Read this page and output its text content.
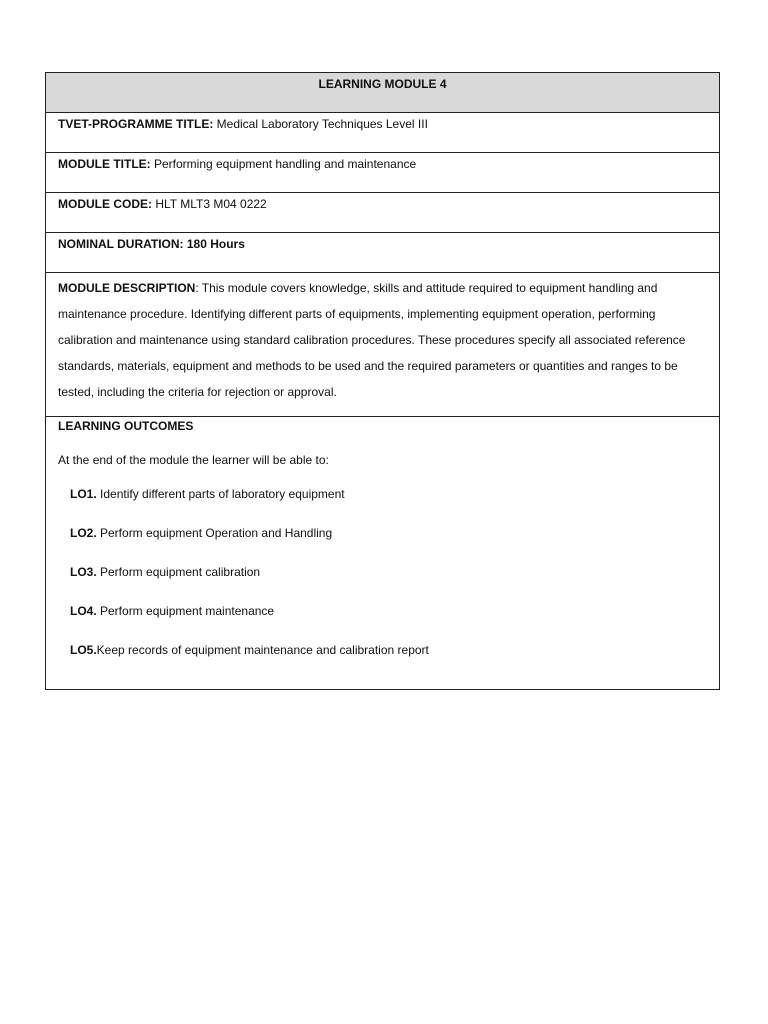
LEARNING MODULE 4
TVET-PROGRAMME TITLE: Medical Laboratory Techniques Level III
MODULE TITLE: Performing equipment handling and maintenance
MODULE CODE: HLT MLT3 M04 0222
NOMINAL DURATION: 180 Hours
MODULE DESCRIPTION: This module covers knowledge, skills and attitude required to equipment handling and maintenance procedure. Identifying different parts of equipments, implementing equipment operation, performing calibration and maintenance using standard calibration procedures. These procedures specify all associated reference standards, materials, equipment and methods to be used and the required parameters or quantities and ranges to be tested, including the criteria for rejection or approval.
LEARNING OUTCOMES
At the end of the module the learner will be able to:
LO1. Identify different parts of laboratory equipment
LO2. Perform equipment Operation and Handling
LO3. Perform equipment calibration
LO4. Perform equipment maintenance
LO5.Keep records of equipment maintenance and calibration report
